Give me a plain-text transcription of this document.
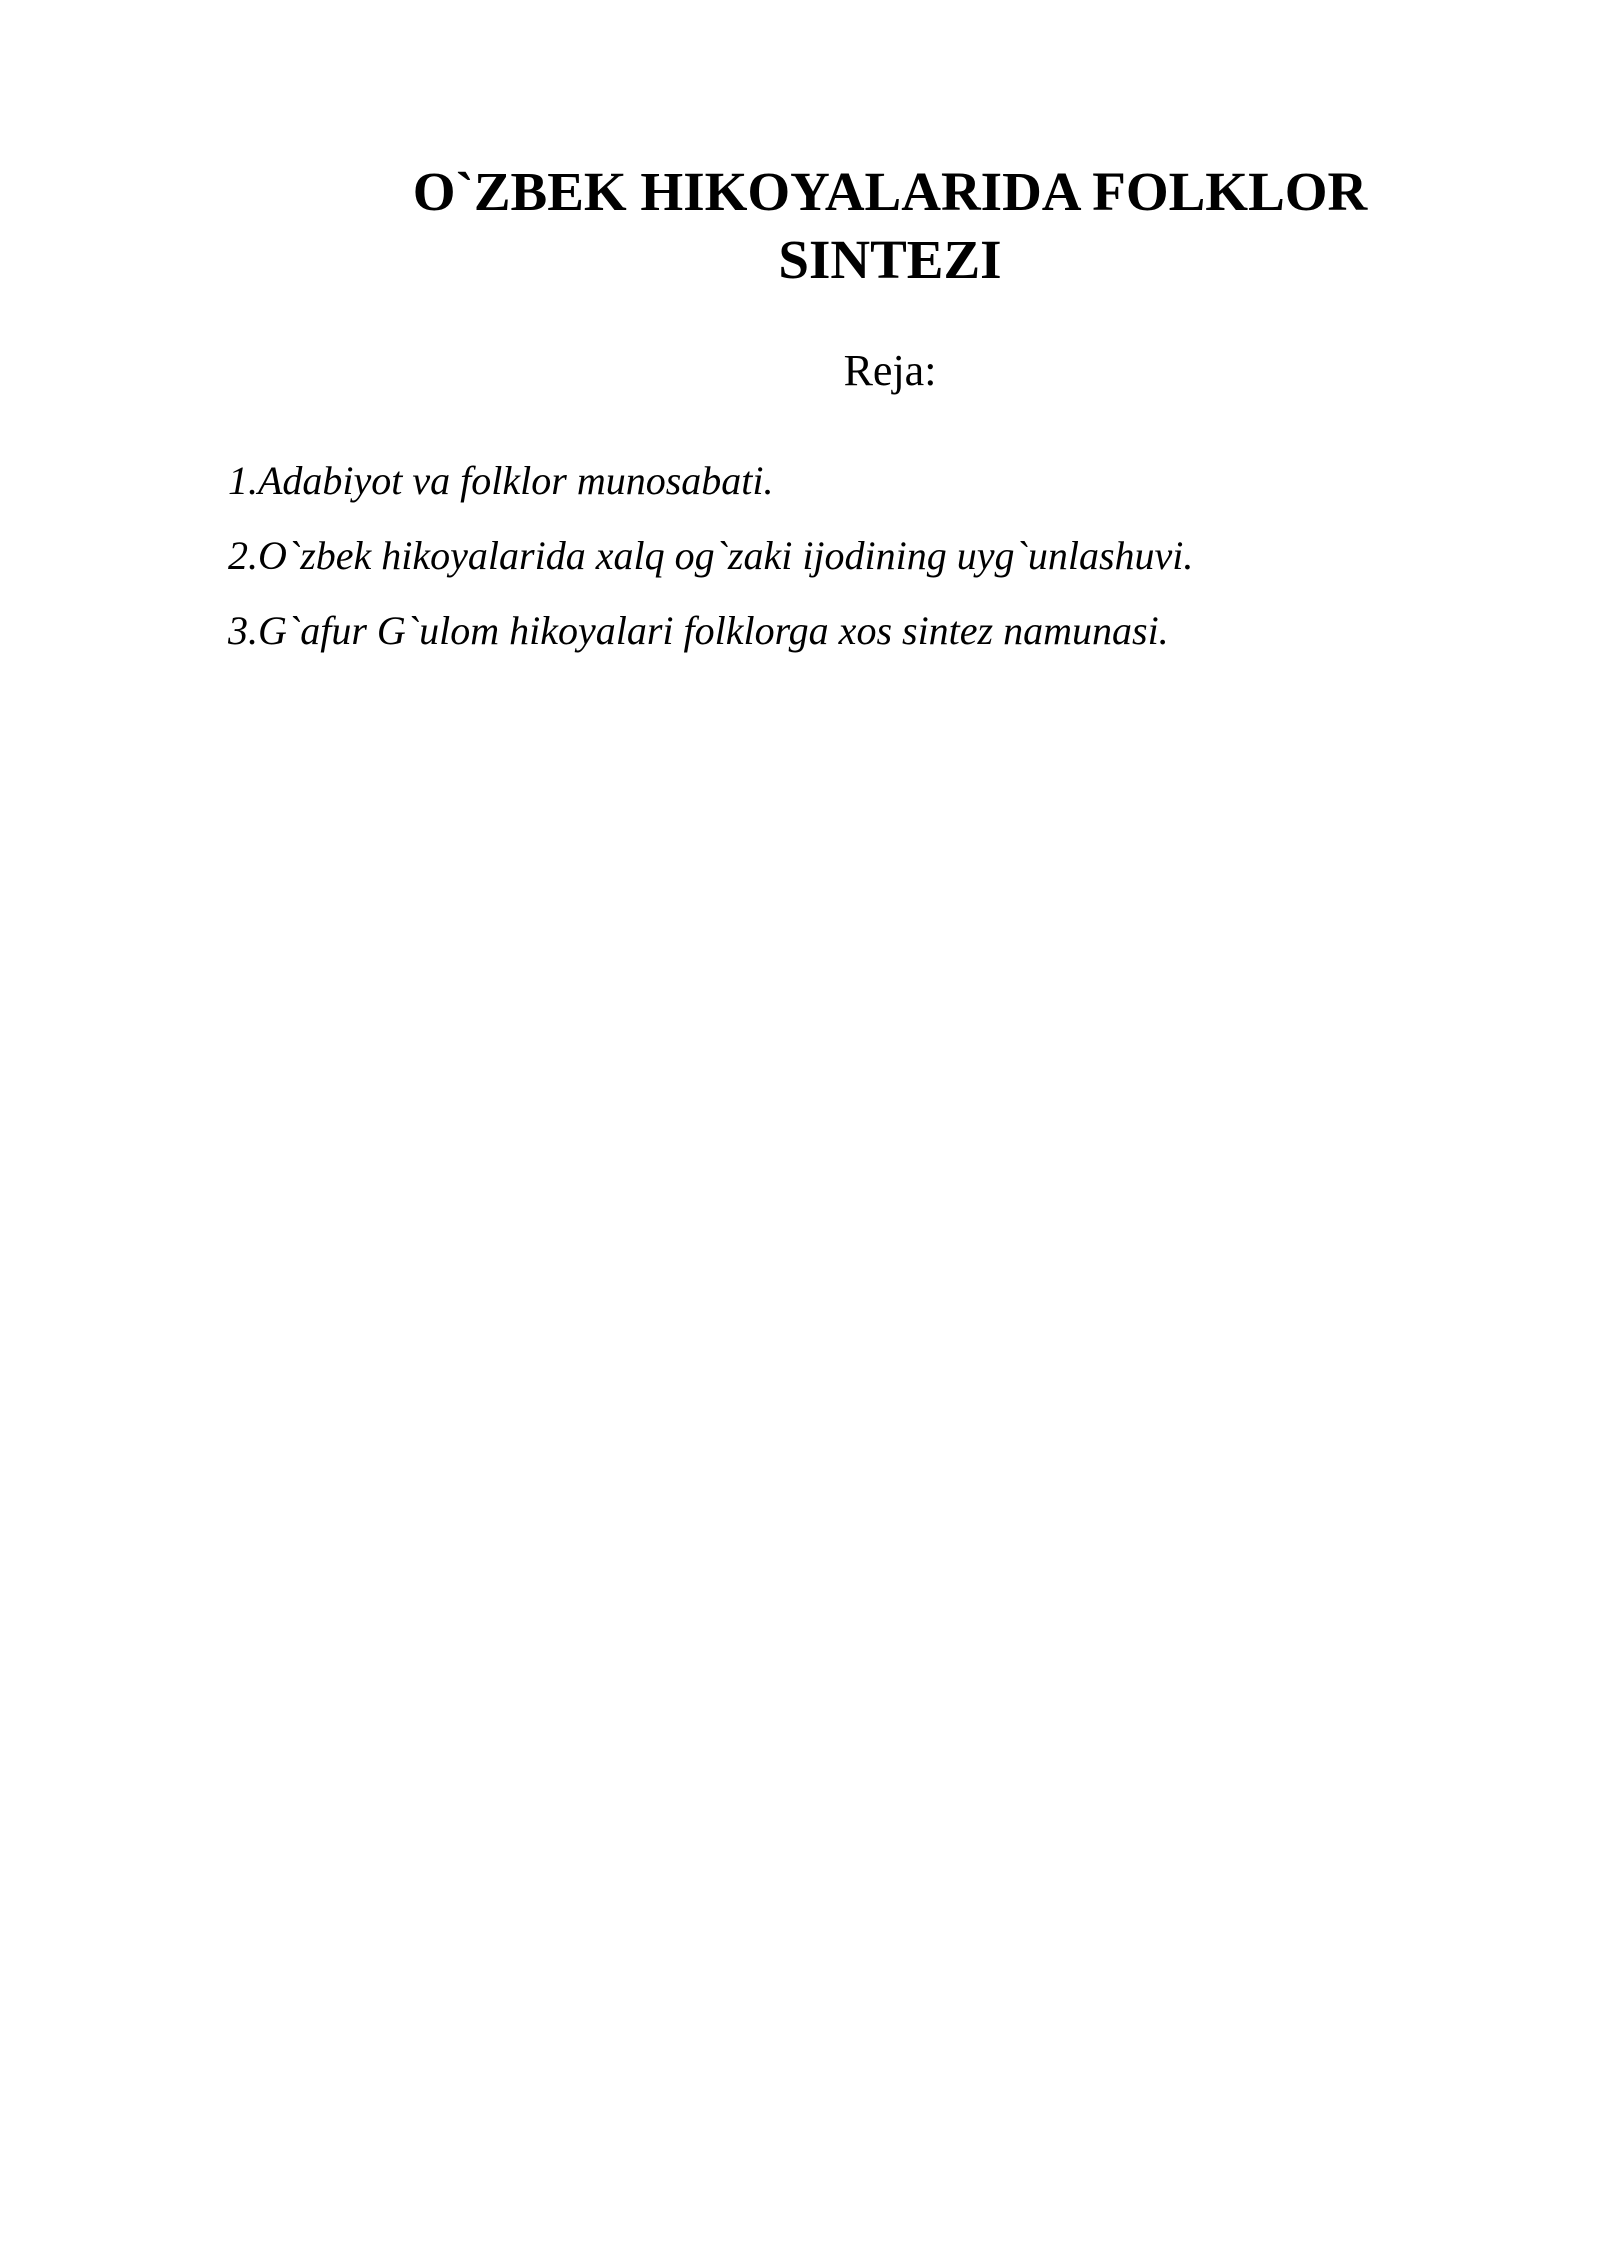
O`ZBEK HIKOYALARIDA FOLKLOR
SINTEZI
Reja:
1.Adabiyot va folklor munosabati.
2.O`zbek hikoyalarida xalq og`zaki ijodining uyg`unlashuvi.
3.G`afur G`ulom hikoyalari folklorga xos sintez namunasi.
